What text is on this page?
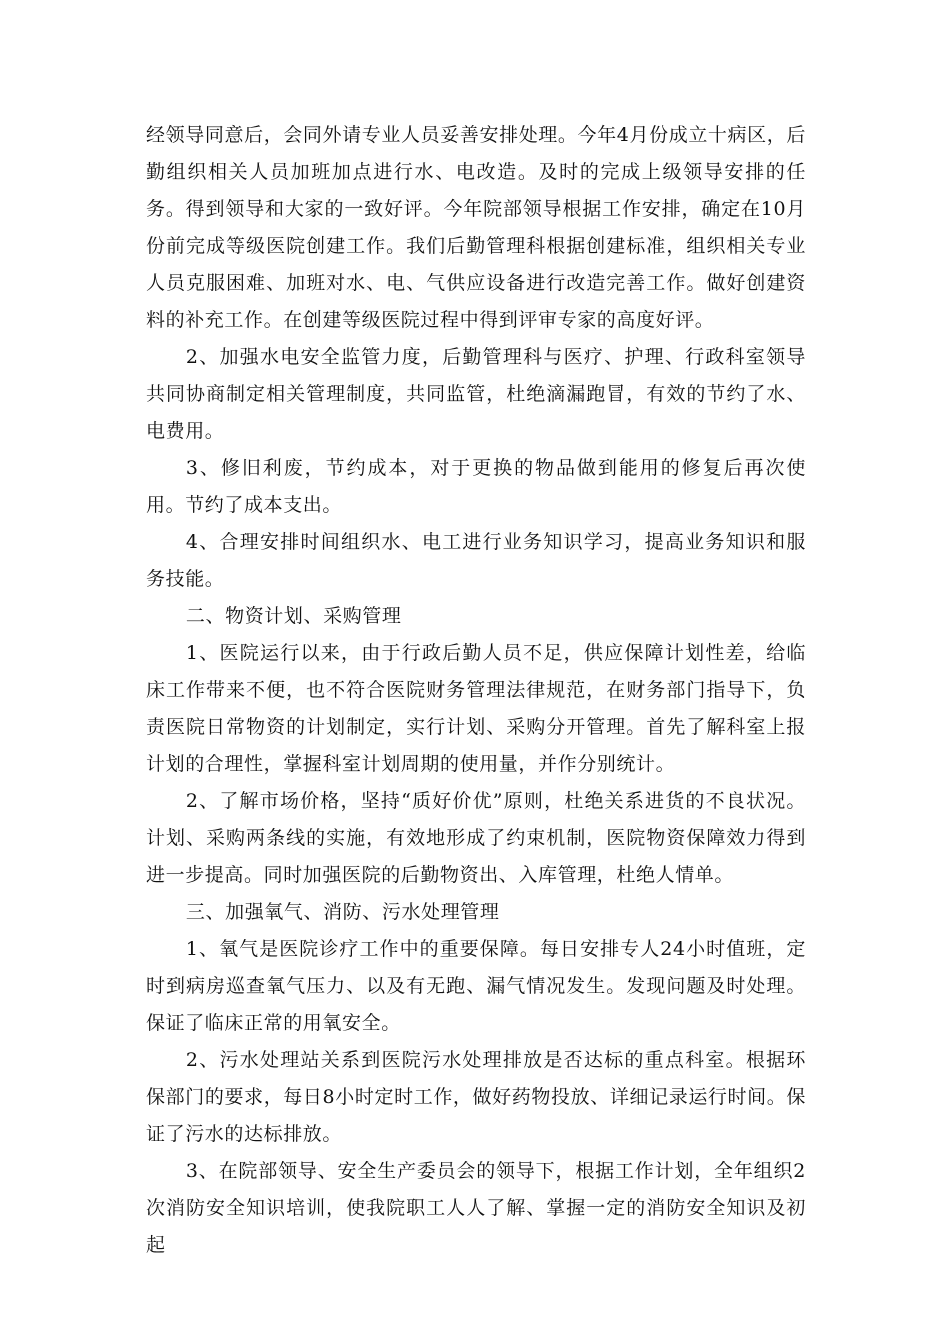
经领导同意后，会同外请专业人员妥善安排处理。今年4月份成立十病区，后勤组织相关人员加班加点进行水、电改造。及时的完成上级领导安排的任务。得到领导和大家的一致好评。今年院部领导根据工作安排，确定在10月份前完成等级医院创建工作。我们后勤管理科根据创建标准，组织相关专业人员克服困难、加班对水、电、气供应设备进行改造完善工作。做好创建资料的补充工作。在创建等级医院过程中得到评审专家的高度好评。

2、加强水电安全监管力度，后勤管理科与医疗、护理、行政科室领导共同协商制定相关管理制度，共同监管，杜绝滴漏跑冒，有效的节约了水、电费用。

3、修旧利废，节约成本，对于更换的物品做到能用的修复后再次使用。节约了成本支出。

4、合理安排时间组织水、电工进行业务知识学习，提高业务知识和服务技能。

二、物资计划、采购管理

1、医院运行以来，由于行政后勤人员不足，供应保障计划性差，给临床工作带来不便，也不符合医院财务管理法律规范，在财务部门指导下，负责医院日常物资的计划制定，实行计划、采购分开管理。首先了解科室上报计划的合理性，掌握科室计划周期的使用量，并作分别统计。

2、了解市场价格，坚持“质好价优”原则，杜绝关系进货的不良状况。计划、采购两条线的实施，有效地形成了约束机制，医院物资保障效力得到进一步提高。同时加强医院的后勤物资出、入库管理，杜绝人情单。

三、加强氧气、消防、污水处理管理

1、氧气是医院诊疗工作中的重要保障。每日安排专人24小时值班，定时到病房巡查氧气压力、以及有无跑、漏气情况发生。发现问题及时处理。保证了临床正常的用氧安全。

2、污水处理站关系到医院污水处理排放是否达标的重点科室。根据环保部门的要求，每日8小时定时工作，做好药物投放、详细记录运行时间。保证了污水的达标排放。

3、在院部领导、安全生产委员会的领导下，根据工作计划，全年组织2次消防安全知识培训，使我院职工人人了解、掌握一定的消防安全知识及初起
